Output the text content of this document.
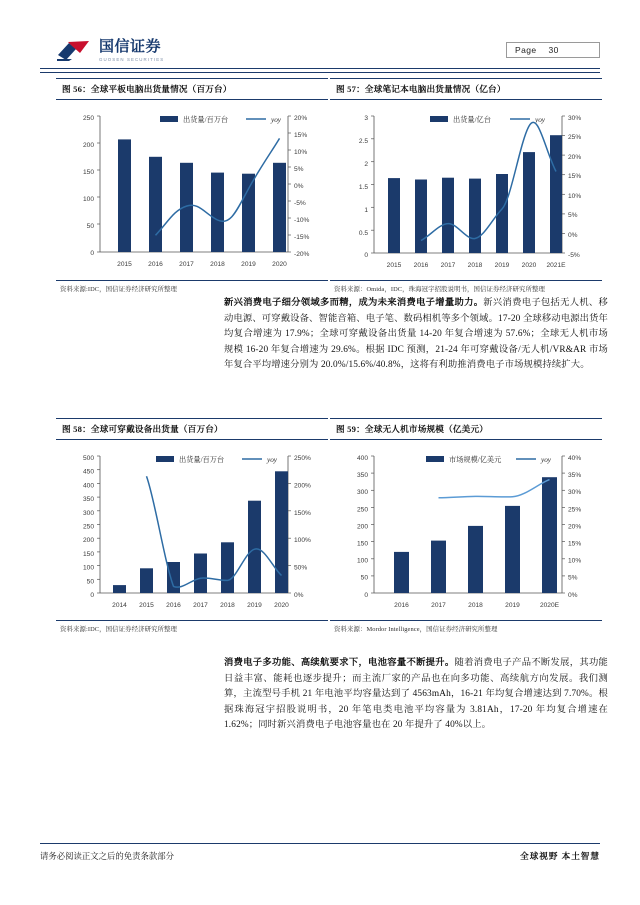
国信证券
GUOSEN SECURITIES
Page 30
图 56：全球平板电脑出货量情况（百万台）
出货量/百万台	yoy
250
200
150
100
50
0
20%
15%
10%
5%
0%
-5%
-10%
-15%
-20%
2015 2016 2017 2018 2019 2020
资料来源:IDC，国信证券经济研究所整理
图 57：全球笔记本电脑出货量情况（亿台）
出货量/亿台	yoy
3
2.5
2
1.5
1
0.5
0
30%
25%
20%
15%
10%
5%
0%
-5%
2015 2016 2017 2018 2019 2020 2021E
资料来源：Omida，IDC，珠海冠宇招股说明书，国信证券经济研究所整理
图 58：全球可穿戴设备出货量（百万台）
出货量/百万台	yoy
500
450
400
350
300
250
200
150
100
50
0
250%
200%
150%
100%
50%
0%
2014 2015 2016 2017 2018 2019 2020
资料来源:IDC，国信证券经济研究所整理
图 59：全球无人机市场规模（亿美元）
市场规模/亿美元	yoy
400
350
300
250
200
150
100
50
0
40%
35%
30%
25%
20%
15%
10%
5%
0%
2016	2017	2018	2019	2020E
资料来源：Mordor Intelligence，国信证券经济研究所整理
新兴消费电子细分领域多而精，成为未来消费电子增量助力。新兴消费电子包括无人机、移动电源、可穿戴设备、智能音箱、电子笔、数码相机等多个领域。17-20 全球移动电源出货年均复合增速为 17.9%；全球可穿戴设备出货量 14-20 年复合增速为 57.6%；全球无人机市场规模 16-20 年复合增速为 29.6%。根据 IDC 预测，21-24 年可穿戴设备/无人机/VR&AR 市场年复合平均增速分别为 20.0%/15.6%/40.8%，这将有利助推消费电子市场规模持续扩大。
消费电子多功能、高续航要求下，电池容量不断提升。随着消费电子产品不断发展，其功能日益丰富、能耗也逐步提升；而主流厂家的产品也在向多功能、高续航方向发展。我们测算，主流型号手机 21 年电池平均容量达到了 4563mAh，16-21 年均复合增速达到 7.70%。根据珠海冠宇招股说明书，20 年笔电类电池平均容量为 3.81Ah，17-20 年均复合增速在 1.62%；同时新兴消费电子电池容量也在 20 年提升了 40%以上。
请务必阅读正文之后的免责条款部分	全球视野 本土智慧
